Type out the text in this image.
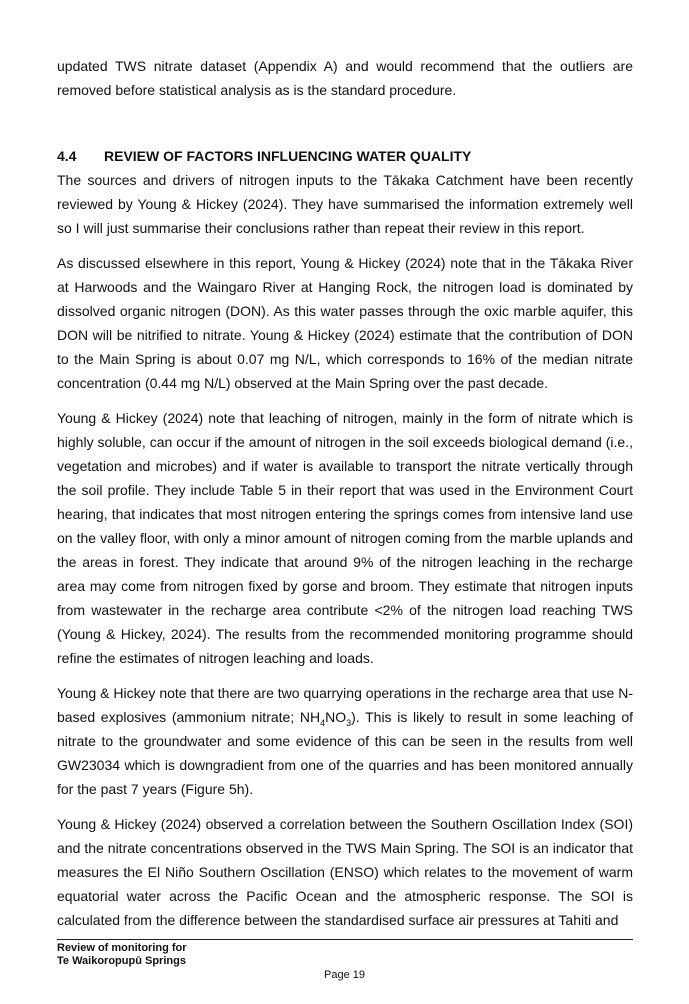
updated TWS nitrate dataset (Appendix A) and would recommend that the outliers are removed before statistical analysis as is the standard procedure.

4.4	REVIEW OF FACTORS INFLUENCING WATER QUALITY

The sources and drivers of nitrogen inputs to the Tākaka Catchment have been recently reviewed by Young & Hickey (2024). They have summarised the information extremely well so I will just summarise their conclusions rather than repeat their review in this report.

As discussed elsewhere in this report, Young & Hickey (2024) note that in the Tākaka River at Harwoods and the Waingaro River at Hanging Rock, the nitrogen load is dominated by dissolved organic nitrogen (DON). As this water passes through the oxic marble aquifer, this DON will be nitrified to nitrate. Young & Hickey (2024) estimate that the contribution of DON to the Main Spring is about 0.07 mg N/L, which corresponds to 16% of the median nitrate concentration (0.44 mg N/L) observed at the Main Spring over the past decade.

Young & Hickey (2024) note that leaching of nitrogen, mainly in the form of nitrate which is highly soluble, can occur if the amount of nitrogen in the soil exceeds biological demand (i.e., vegetation and microbes) and if water is available to transport the nitrate vertically through the soil profile. They include Table 5 in their report that was used in the Environment Court hearing, that indicates that most nitrogen entering the springs comes from intensive land use on the valley floor, with only a minor amount of nitrogen coming from the marble uplands and the areas in forest. They indicate that around 9% of the nitrogen leaching in the recharge area may come from nitrogen fixed by gorse and broom. They estimate that nitrogen inputs from wastewater in the recharge area contribute <2% of the nitrogen load reaching TWS (Young & Hickey, 2024). The results from the recommended monitoring programme should refine the estimates of nitrogen leaching and loads.

Young & Hickey note that there are two quarrying operations in the recharge area that use N-based explosives (ammonium nitrate; $NH_4NO_3$). This is likely to result in some leaching of nitrate to the groundwater and some evidence of this can be seen in the results from well GW23034 which is downgradient from one of the quarries and has been monitored annually for the past 7 years (Figure 5h).

Young & Hickey (2024) observed a correlation between the Southern Oscillation Index (SOI) and the nitrate concentrations observed in the TWS Main Spring. The SOI is an indicator that measures the El Niño Southern Oscillation (ENSO) which relates to the movement of warm equatorial water across the Pacific Ocean and the atmospheric response. The SOI is calculated from the difference between the standardised surface air pressures at Tahiti and

Review of monitoring for
Te Waikoropupū Springs
Page 19
